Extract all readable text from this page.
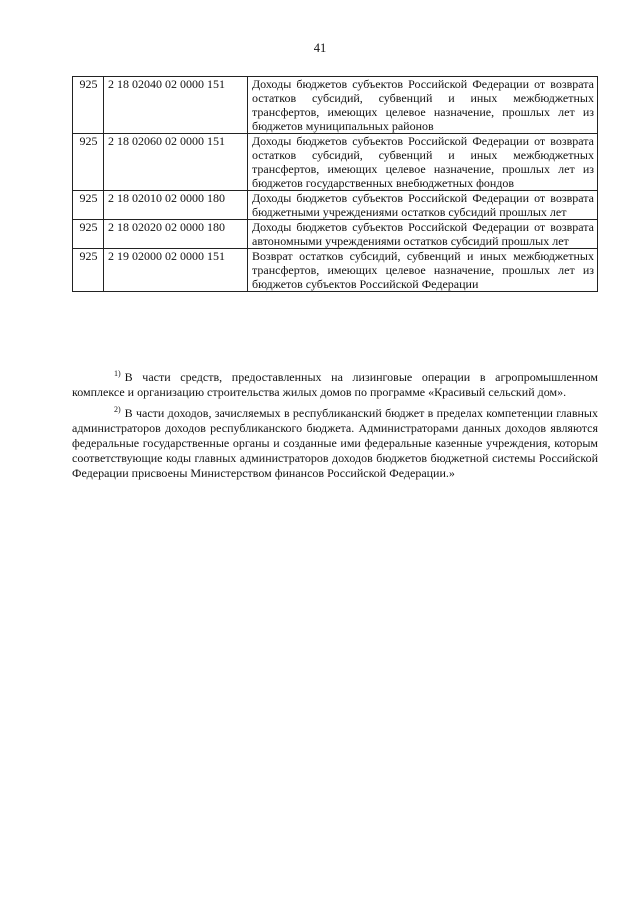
41
925	2 18 02040 02 0000 151	Доходы бюджетов субъектов Российской Федерации от возврата остатков субсидий, субвенций и иных межбюджетных трансфертов, имеющих целевое назначение, прошлых лет из бюджетов муниципальных районов
925	2 18 02060 02 0000 151	Доходы бюджетов субъектов Российской Федерации от возврата остатков субсидий, субвенций и иных межбюджетных трансфертов, имеющих целевое назначение, прошлых лет из бюджетов государственных внебюджетных фондов
925	2 18 02010 02 0000 180	Доходы бюджетов субъектов Российской Федерации от возврата бюджетными учреждениями остатков субсидий прошлых лет
925	2 18 02020 02 0000 180	Доходы бюджетов субъектов Российской Федерации от возврата автономными учреждениями остатков субсидий прошлых лет
925	2 19 02000 02 0000 151	Возврат остатков субсидий, субвенций и иных межбюджетных трансфертов, имеющих целевое назначение, прошлых лет из бюджетов субъектов Российской Федерации

$^{1)}$ В части средств, предоставленных на лизинговые операции в агропромышленном комплексе и организацию строительства жилых домов по программе «Красивый сельский дом».

$^{2)}$ В части доходов, зачисляемых в республиканский бюджет в пределах компетенции главных администраторов доходов республиканского бюджета. Администраторами данных доходов являются федеральные государственные органы и созданные ими федеральные казенные учреждения, которым соответствующие коды главных администраторов доходов бюджетов бюджетной системы Российской Федерации присвоены Министерством финансов Российской Федерации.»
